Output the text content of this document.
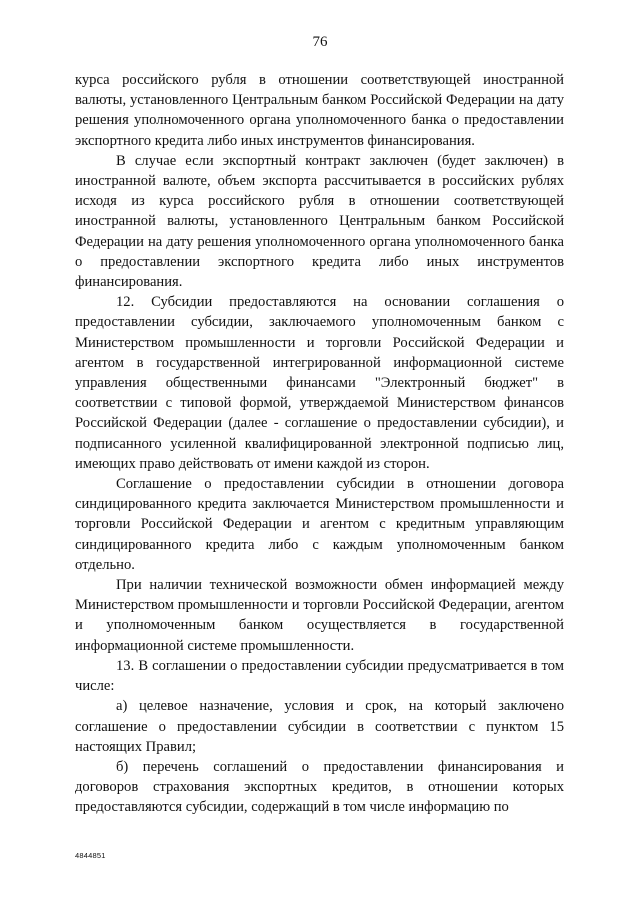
76

курса российского рубля в отношении соответствующей иностранной валюты, установленного Центральным банком Российской Федерации на дату решения уполномоченного органа уполномоченного банка о предоставлении экспортного кредита либо иных инструментов финансирования.

В случае если экспортный контракт заключен (будет заключен) в иностранной валюте, объем экспорта рассчитывается в российских рублях исходя из курса российского рубля в отношении соответствующей иностранной валюты, установленного Центральным банком Российской Федерации на дату решения уполномоченного органа уполномоченного банка о предоставлении экспортного кредита либо иных инструментов финансирования.

12. Субсидии предоставляются на основании соглашения о предоставлении субсидии, заключаемого уполномоченным банком с Министерством промышленности и торговли Российской Федерации и агентом в государственной интегрированной информационной системе управления общественными финансами "Электронный бюджет" в соответствии с типовой формой, утверждаемой Министерством финансов Российской Федерации (далее - соглашение о предоставлении субсидии), и подписанного усиленной квалифицированной электронной подписью лиц, имеющих право действовать от имени каждой из сторон.

Соглашение о предоставлении субсидии в отношении договора синдицированного кредита заключается Министерством промышленности и торговли Российской Федерации и агентом с кредитным управляющим синдицированного кредита либо с каждым уполномоченным банком отдельно.

При наличии технической возможности обмен информацией между Министерством промышленности и торговли Российской Федерации, агентом и уполномоченным банком осуществляется в государственной информационной системе промышленности.

13. В соглашении о предоставлении субсидии предусматривается в том числе:

а) целевое назначение, условия и срок, на который заключено соглашение о предоставлении субсидии в соответствии с пунктом 15 настоящих Правил;

б) перечень соглашений о предоставлении финансирования и договоров страхования экспортных кредитов, в отношении которых предоставляются субсидии, содержащий в том числе информацию по

4844851
